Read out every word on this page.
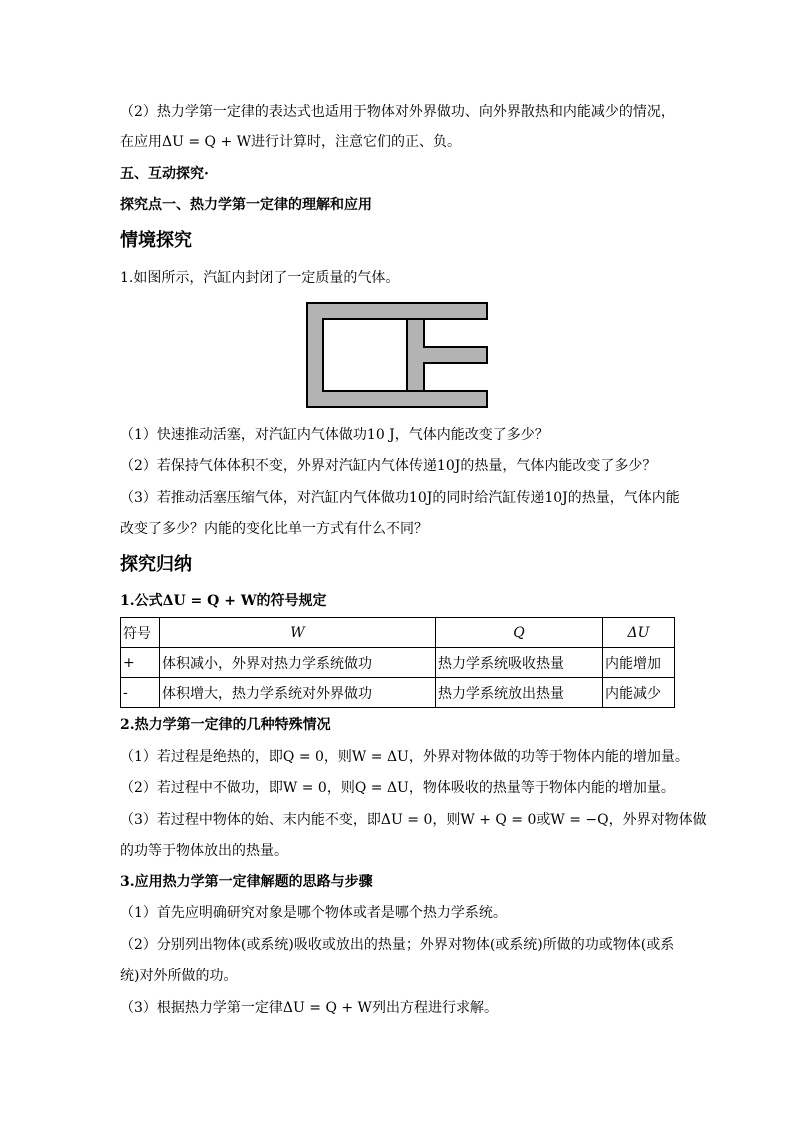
（2）热力学第一定律的表达式也适用于物体对外界做功、向外界散热和内能减少的情况，
在应用ΔU = Q + W进行计算时，注意它们的正、负。
五、互动探究·
探究点一、热力学第一定律的理解和应用
情境探究
1.如图所示，汽缸内封闭了一定质量的气体。
（1）快速推动活塞，对汽缸内气体做功10 J，气体内能改变了多少？
（2）若保持气体体积不变，外界对汽缸内气体传递10J的热量，气体内能改变了多少？
（3）若推动活塞压缩气体，对汽缸内气体做功10J的同时给汽缸传递10J的热量，气体内能
改变了多少？内能的变化比单一方式有什么不同？
探究归纳
1.公式ΔU = Q + W的符号规定
符号	W	Q	ΔU
+	体积减小，外界对热力学系统做功	热力学系统吸收热量	内能增加
-	体积增大，热力学系统对外界做功	热力学系统放出热量	内能减少
2.热力学第一定律的几种特殊情况
（1）若过程是绝热的，即Q = 0，则W = ΔU，外界对物体做的功等于物体内能的增加量。
（2）若过程中不做功，即W = 0，则Q = ΔU，物体吸收的热量等于物体内能的增加量。
（3）若过程中物体的始、末内能不变，即ΔU = 0，则W + Q = 0或W = −Q，外界对物体做
的功等于物体放出的热量。
3.应用热力学第一定律解题的思路与步骤
（1）首先应明确研究对象是哪个物体或者是哪个热力学系统。
（2）分别列出物体(或系统)吸收或放出的热量；外界对物体(或系统)所做的功或物体(或系
统)对外所做的功。
（3）根据热力学第一定律ΔU = Q + W列出方程进行求解。
